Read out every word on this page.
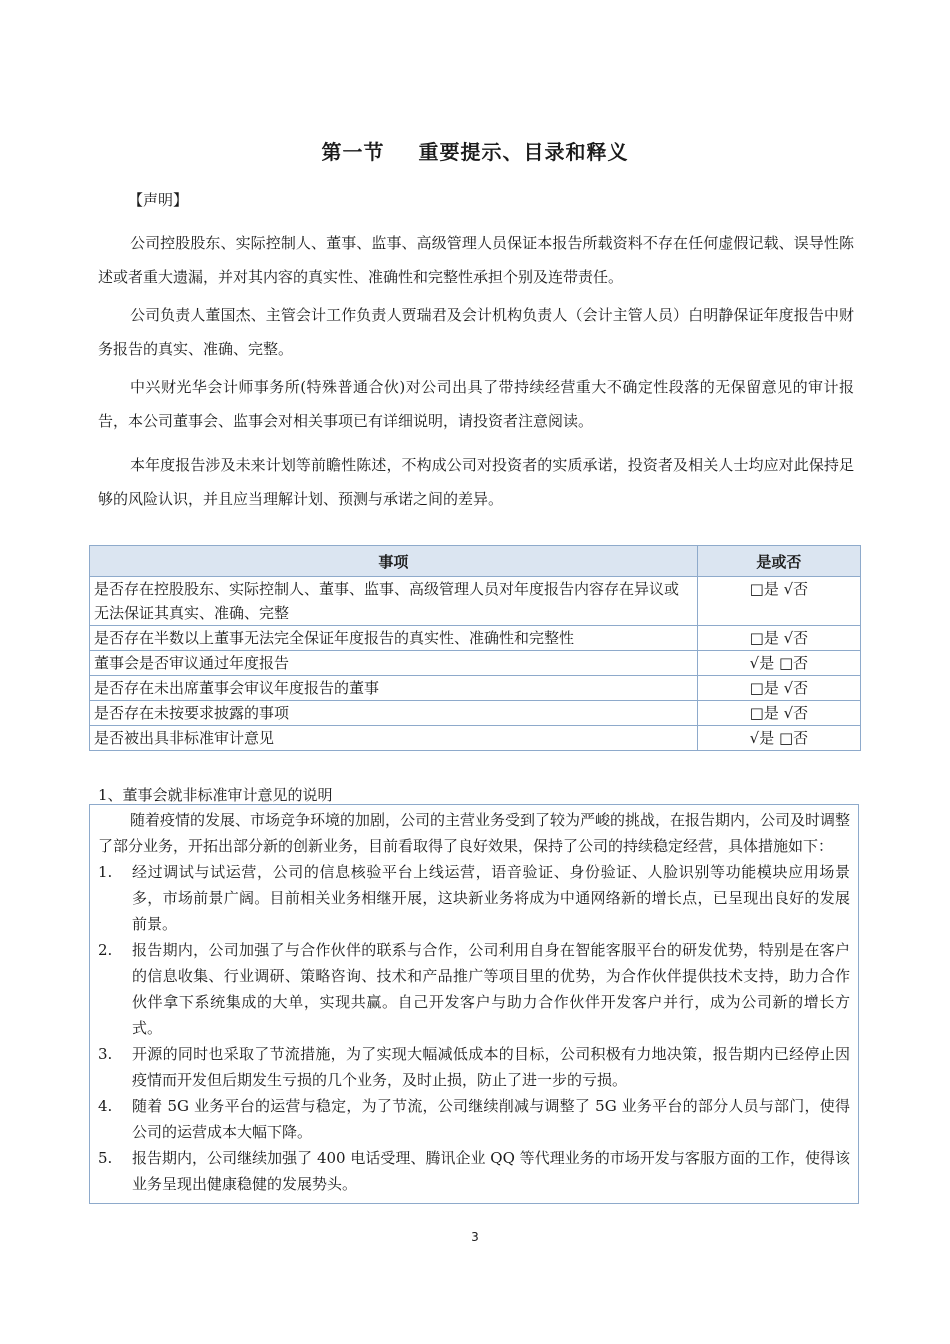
第一节 重要提示、目录和释义
【声明】
公司控股股东、实际控制人、董事、监事、高级管理人员保证本报告所载资料不存在任何虚假记载、误导性陈述或者重大遗漏，并对其内容的真实性、准确性和完整性承担个别及连带责任。
公司负责人董国杰、主管会计工作负责人贾瑞君及会计机构负责人（会计主管人员）白明静保证年度报告中财务报告的真实、准确、完整。
中兴财光华会计师事务所(特殊普通合伙)对公司出具了带持续经营重大不确定性段落的无保留意见的审计报告，本公司董事会、监事会对相关事项已有详细说明，请投资者注意阅读。
本年度报告涉及未来计划等前瞻性陈述，不构成公司对投资者的实质承诺，投资者及相关人士均应对此保持足够的风险认识，并且应当理解计划、预测与承诺之间的差异。
事项	是或否
是否存在控股股东、实际控制人、董事、监事、高级管理人员对年度报告内容存在异议或无法保证其真实、准确、完整	□是 √否
是否存在半数以上董事无法完全保证年度报告的真实性、准确性和完整性	□是 √否
董事会是否审议通过年度报告	√是 □否
是否存在未出席董事会审议年度报告的董事	□是 √否
是否存在未按要求披露的事项	□是 √否
是否被出具非标准审计意见	√是 □否
1、董事会就非标准审计意见的说明

随着疫情的发展、市场竞争环境的加剧，公司的主营业务受到了较为严峻的挑战，在报告期内，公司及时调整了部分业务，开拓出部分新的创新业务，目前看取得了良好效果，保持了公司的持续稳定经营，具体措施如下：

1. 经过调试与试运营，公司的信息核验平台上线运营，语音验证、身份验证、人脸识别等功能模块应用场景多，市场前景广阔。目前相关业务相继开展，这块新业务将成为中通网络新的增长点，已呈现出良好的发展前景。
2. 报告期内，公司加强了与合作伙伴的联系与合作，公司利用自身在智能客服平台的研发优势，特别是在客户的信息收集、行业调研、策略咨询、技术和产品推广等项目里的优势，为合作伙伴提供技术支持，助力合作伙伴拿下系统集成的大单，实现共赢。自己开发客户与助力合作伙伴开发客户并行，成为公司新的增长方式。
3. 开源的同时也采取了节流措施，为了实现大幅减低成本的目标，公司积极有力地决策，报告期内已经停止因疫情而开发但后期发生亏损的几个业务，及时止损，防止了进一步的亏损。
4. 随着 5G 业务平台的运营与稳定，为了节流，公司继续削减与调整了 5G 业务平台的部分人员与部门，使得公司的运营成本大幅下降。
5. 报告期内，公司继续加强了 400 电话受理、腾讯企业 QQ 等代理业务的市场开发与客服方面的工作，使得该业务呈现出健康稳健的发展势头。
3
